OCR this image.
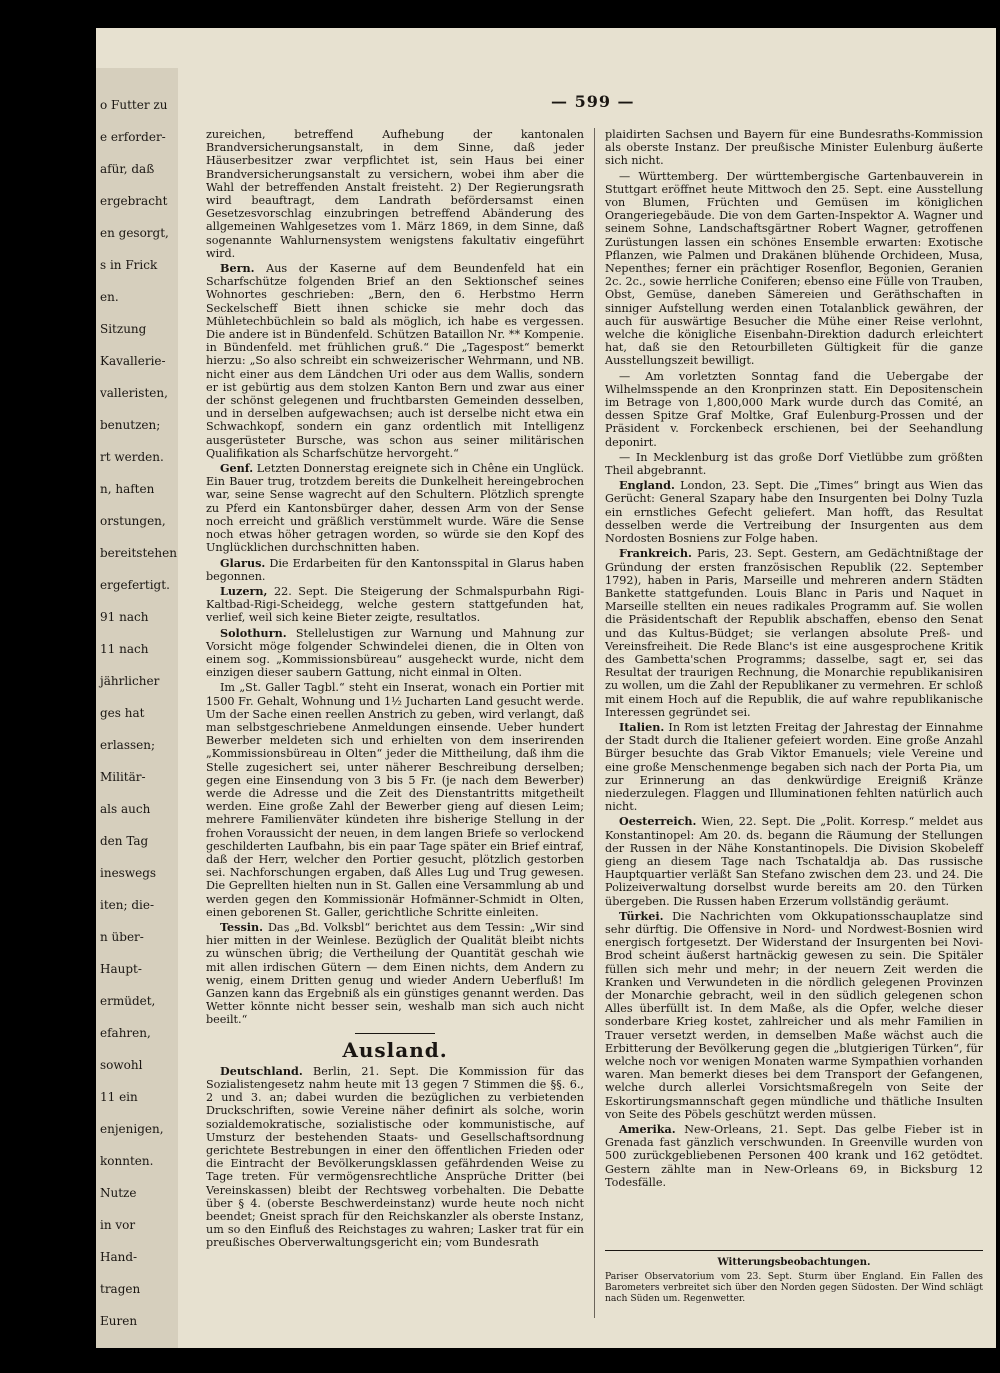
o Futter zu
e erforder-
afür, daß
ergebracht
en gesorgt,
s in Frick
en.
Sitzung
Kavallerie-
valleristen,
benutzen;
rt werden.
n, haften
orstungen,
bereitstehen
ergefertigt.
91 nach
11 nach
jährlicher
ges hat
erlassen;
Militär-
als auch
den Tag
ineswegs
iten; die-
n über-
Haupt-
ermüdet,
efahren,
sowohl
11 ein
enjenigen,
konnten.
Nutze
in vor
Hand-
tragen
Euren
— 599 —

zureichen, betreffend Aufhebung der kantonalen Brandversicherungsanstalt, in dem Sinne, daß jeder Häuserbesitzer zwar verpflichtet ist, sein Haus bei einer Brandversicherungsanstalt zu versichern, wobei ihm aber die Wahl der betreffenden Anstalt freisteht. 2) Der Regierungsrath wird beauftragt, dem Landrath befördersamst einen Gesetzesvorschlag einzubringen betreffend Abänderung des allgemeinen Wahlgesetzes vom 1. März 1869, in dem Sinne, daß sogenannte Wahlurnensystem wenigstens fakultativ eingeführt wird.

Bern. Aus der Kaserne auf dem Beundenfeld hat ein Scharfschütze folgenden Brief an den Sektionschef seines Wohnortes geschrieben: „Bern, den 6. Herbstmo Herrn Seckelscheff Biett ihnen schicke sie mehr doch das Mühletechbüchlein so bald als möglich, ich habe es vergessen. Die andere ist in Bündenfeld. Schützen Bataillon Nr. ** Kompenie. in Bündenfeld. met frühlichen gruß.“ Die „Tagespost“ bemerkt hierzu: „So also schreibt ein schweizerischer Wehrmann, und NB. nicht einer aus dem Ländchen Uri oder aus dem Wallis, sondern er ist gebürtig aus dem stolzen Kanton Bern und zwar aus einer der schönst gelegenen und fruchtbarsten Gemeinden desselben, und in derselben aufgewachsen; auch ist derselbe nicht etwa ein Schwachkopf, sondern ein ganz ordentlich mit Intelligenz ausgerüsteter Bursche, was schon aus seiner militärischen Qualifikation als Scharfschütze hervorgeht.“

Genf. Letzten Donnerstag ereignete sich in Chêne ein Unglück. Ein Bauer trug, trotzdem bereits die Dunkelheit hereingebrochen war, seine Sense wagrecht auf den Schultern. Plötzlich sprengte zu Pferd ein Kantonsbürger daher, dessen Arm von der Sense noch erreicht und gräßlich verstümmelt wurde. Wäre die Sense noch etwas höher getragen worden, so würde sie den Kopf des Unglücklichen durchschnitten haben.

Glarus. Die Erdarbeiten für den Kantonsspital in Glarus haben begonnen.

Luzern, 22. Sept. Die Steigerung der Schmalspurbahn Rigi-Kaltbad-Rigi-Scheidegg, welche gestern stattgefunden hat, verlief, weil sich keine Bieter zeigte, resultatlos.

Solothurn. Stellelustigen zur Warnung und Mahnung zur Vorsicht möge folgender Schwindelei dienen, die in Olten von einem sog. „Kommissionsbüreau“ ausgeheckt wurde, nicht dem einzigen dieser saubern Gattung, nicht einmal in Olten.

Im „St. Galler Tagbl.“ steht ein Inserat, wonach ein Portier mit 1500 Fr. Gehalt, Wohnung und 1½ Jucharten Land gesucht werde. Um der Sache einen reellen Anstrich zu geben, wird verlangt, daß man selbstgeschriebene Anmeldungen einsende. Ueber hundert Bewerber meldeten sich und erhielten von dem inserirenden „Kommissionsbüreau in Olten“ jeder die Mittheilung, daß ihm die Stelle zugesichert sei, unter näherer Beschreibung derselben; gegen eine Einsendung von 3 bis 5 Fr. (je nach dem Bewerber) werde die Adresse und die Zeit des Dienstantritts mitgetheilt werden. Eine große Zahl der Bewerber gieng auf diesen Leim; mehrere Familienväter kündeten ihre bisherige Stellung in der frohen Voraussicht der neuen, in dem langen Briefe so verlockend geschilderten Laufbahn, bis ein paar Tage später ein Brief eintraf, daß der Herr, welcher den Portier gesucht, plötzlich gestorben sei. Nachforschungen ergaben, daß Alles Lug und Trug gewesen. Die Geprellten hielten nun in St. Gallen eine Versammlung ab und werden gegen den Kommissionär Hofmänner-Schmidt in Olten, einen geborenen St. Galler, gerichtliche Schritte einleiten.

Tessin. Das „Bd. Volksbl“ berichtet aus dem Tessin: „Wir sind hier mitten in der Weinlese. Bezüglich der Qualität bleibt nichts zu wünschen übrig; die Vertheilung der Quantität geschah wie mit allen irdischen Gütern — dem Einen nichts, dem Andern zu wenig, einem Dritten genug und wieder Andern Ueberfluß! Im Ganzen kann das Ergebniß als ein günstiges genannt werden. Das Wetter könnte nicht besser sein, weshalb man sich auch nicht beeilt.“

Ausland.

Deutschland. Berlin, 21. Sept. Die Kommission für das Sozialistengesetz nahm heute mit 13 gegen 7 Stimmen die §§. 6., 2 und 3. an; dabei wurden die bezüglichen zu verbietenden Druckschriften, sowie Vereine näher definirt als solche, worin sozialdemokratische, sozialistische oder kommunistische, auf Umsturz der bestehenden Staats- und Gesellschaftsordnung gerichtete Bestrebungen in einer den öffentlichen Frieden oder die Eintracht der Bevölkerungsklassen gefährdenden Weise zu Tage treten. Für vermögensrechtliche Ansprüche Dritter (bei Vereinskassen) bleibt der Rechtsweg vorbehalten. Die Debatte über § 4. (oberste Beschwerdeinstanz) wurde heute noch nicht beendet; Gneist sprach für den Reichskanzler als oberste Instanz, um so den Einfluß des Reichstages zu wahren; Lasker trat für ein preußisches Oberverwaltungsgericht ein; vom Bundesrath

plaidirten Sachsen und Bayern für eine Bundesraths-Kommission als oberste Instanz. Der preußische Minister Eulenburg äußerte sich nicht.

— Württemberg. Der württembergische Gartenbauverein in Stuttgart eröffnet heute Mittwoch den 25. Sept. eine Ausstellung von Blumen, Früchten und Gemüsen im königlichen Orangeriegebäude. Die von dem Garten-Inspektor A. Wagner und seinem Sohne, Landschaftsgärtner Robert Wagner, getroffenen Zurüstungen lassen ein schönes Ensemble erwarten: Exotische Pflanzen, wie Palmen und Drakänen blühende Orchideen, Musa, Nepenthes; ferner ein prächtiger Rosenflor, Begonien, Geranien 2c. 2c., sowie herrliche Coniferen; ebenso eine Fülle von Trauben, Obst, Gemüse, daneben Sämereien und Geräthschaften in sinniger Aufstellung werden einen Totalanblick gewähren, der auch für auswärtige Besucher die Mühe einer Reise verlohnt, welche die königliche Eisenbahn-Direktion dadurch erleichtert hat, daß sie den Retourbilleten Gültigkeit für die ganze Ausstellungszeit bewilligt.

— Am vorletzten Sonntag fand die Uebergabe der Wilhelmsspende an den Kronprinzen statt. Ein Depositenschein im Betrage von 1,800,000 Mark wurde durch das Comité, an dessen Spitze Graf Moltke, Graf Eulenburg-Prossen und der Präsident v. Forckenbeck erschienen, bei der Seehandlung deponirt.

— In Mecklenburg ist das große Dorf Vietlübbe zum größten Theil abgebrannt.

England. London, 23. Sept. Die „Times“ bringt aus Wien das Gerücht: General Szapary habe den Insurgenten bei Dolny Tuzla ein ernstliches Gefecht geliefert. Man hofft, das Resultat desselben werde die Vertreibung der Insurgenten aus dem Nordosten Bosniens zur Folge haben.

Frankreich. Paris, 23. Sept. Gestern, am Gedächtnißtage der Gründung der ersten französischen Republik (22. September 1792), haben in Paris, Marseille und mehreren andern Städten Bankette stattgefunden. Louis Blanc in Paris und Naquet in Marseille stellten ein neues radikales Programm auf. Sie wollen die Präsidentschaft der Republik abschaffen, ebenso den Senat und das Kultus-Büdget; sie verlangen absolute Preß- und Vereinsfreiheit. Die Rede Blanc's ist eine ausgesprochene Kritik des Gambetta'schen Programms; dasselbe, sagt er, sei das Resultat der traurigen Rechnung, die Monarchie republikanisiren zu wollen, um die Zahl der Republikaner zu vermehren. Er schloß mit einem Hoch auf die Republik, die auf wahre republikanische Interessen gegründet sei.

Italien. In Rom ist letzten Freitag der Jahrestag der Einnahme der Stadt durch die Italiener gefeiert worden. Eine große Anzahl Bürger besuchte das Grab Viktor Emanuels; viele Vereine und eine große Menschenmenge begaben sich nach der Porta Pia, um zur Erinnerung an das denkwürdige Ereigniß Kränze niederzulegen. Flaggen und Illuminationen fehlten natürlich auch nicht.

Oesterreich. Wien, 22. Sept. Die „Polit. Korresp.“ meldet aus Konstantinopel: Am 20. ds. begann die Räumung der Stellungen der Russen in der Nähe Konstantinopels. Die Division Skobeleff gieng an diesem Tage nach Tschataldja ab. Das russische Hauptquartier verläßt San Stefano zwischen dem 23. und 24. Die Polizeiverwaltung dorselbst wurde bereits am 20. den Türken übergeben. Die Russen haben Erzerum vollständig geräumt.

Türkei. Die Nachrichten vom Okkupationsschauplatze sind sehr dürftig. Die Offensive in Nord- und Nordwest-Bosnien wird energisch fortgesetzt. Der Widerstand der Insurgenten bei Novi-Brod scheint äußerst hartnäckig gewesen zu sein. Die Spitäler füllen sich mehr und mehr; in der neuern Zeit werden die Kranken und Verwundeten in die nördlich gelegenen Provinzen der Monarchie gebracht, weil in den südlich gelegenen schon Alles überfüllt ist. In dem Maße, als die Opfer, welche dieser sonderbare Krieg kostet, zahlreicher und als mehr Familien in Trauer versetzt werden, in demselben Maße wächst auch die Erbitterung der Bevölkerung gegen die „blutgierigen Türken“, für welche noch vor wenigen Monaten warme Sympathien vorhanden waren. Man bemerkt dieses bei dem Transport der Gefangenen, welche durch allerlei Vorsichtsmaßregeln von Seite der Eskortirungsmannschaft gegen mündliche und thätliche Insulten von Seite des Pöbels geschützt werden müssen.

Amerika. New-Orleans, 21. Sept. Das gelbe Fieber ist in Grenada fast gänzlich verschwunden. In Greenville wurden von 500 zurückgebliebenen Personen 400 krank und 162 getödtet. Gestern zählte man in New-Orleans 69, in Bicksburg 12 Todesfälle.

Witterungsbeobachtungen.
Pariser Observatorium vom 23. Sept. Sturm über England. Ein Fallen des Barometers verbreitet sich über den Norden gegen Südosten. Der Wind schlägt nach Süden um. Regenwetter.
